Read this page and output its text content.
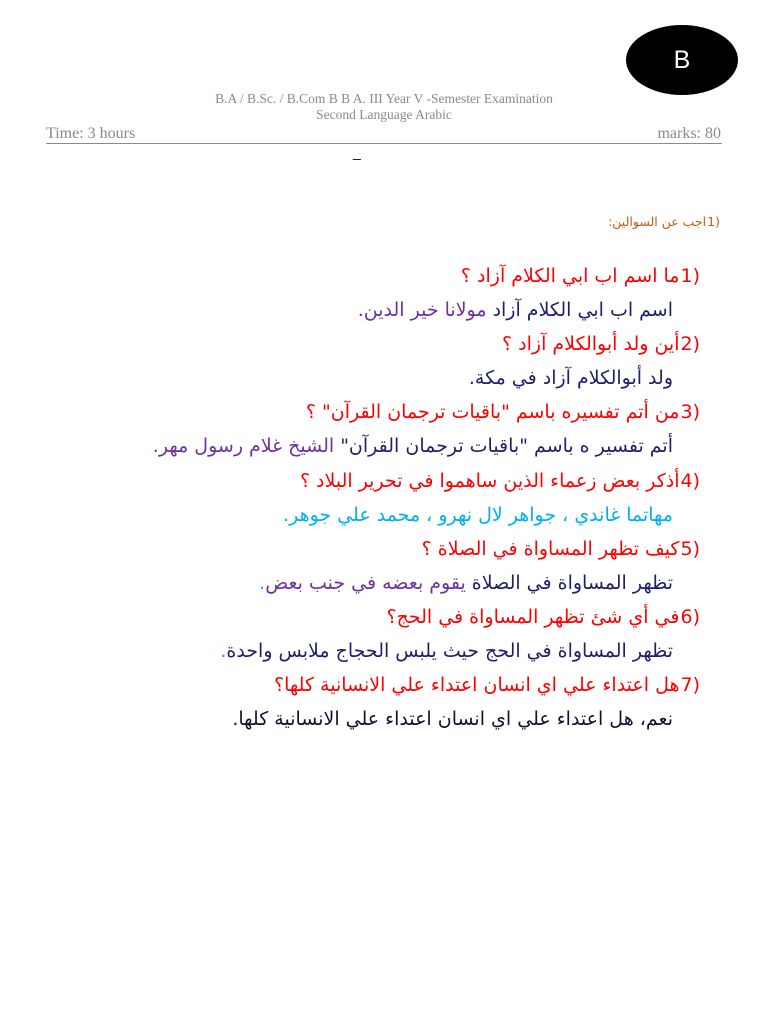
B
B.A / B.Sc. / B.Com B B A. III Year V -Semester Examination
Second Language Arabic
Time: 3 hours	marks: 80
_
1)اجب عن السوالين:
1)ما اسم اب ابي الكلام آزاد ؟
اسم اب ابي الكلام آزاد مولانا خير الدين.
2)أين ولد أبوالكلام آزاد ؟
ولد أبوالكلام آزاد في مكة.
3)من أتم تفسيره باسم "باقيات ترجمان القرآن" ؟
أتم تفسير ه باسم "باقيات ترجمان القرآن" الشيخ غلام رسول مهر.
4)أذكر بعض زعماء الذين ساهموا في تحرير البلاد ؟
مهاتما غاندي ، جواهر لال نهرو ، محمد علي جوهر.
5)كيف تظهر المساواة في الصلاة ؟
تظهر المساواة في الصلاة يقوم بعضه في جنب بعض.
6)في أي شئ تظهر المساواة في الحج؟
تظهر المساواة في الحج حيث يلبس الحجاج ملابس واحدة.
7)هل اعتداء علي اي انسان اعتداء علي الانسانية كلها؟
نعم، هل اعتداء علي اي انسان اعتداء علي الانسانية كلها.
